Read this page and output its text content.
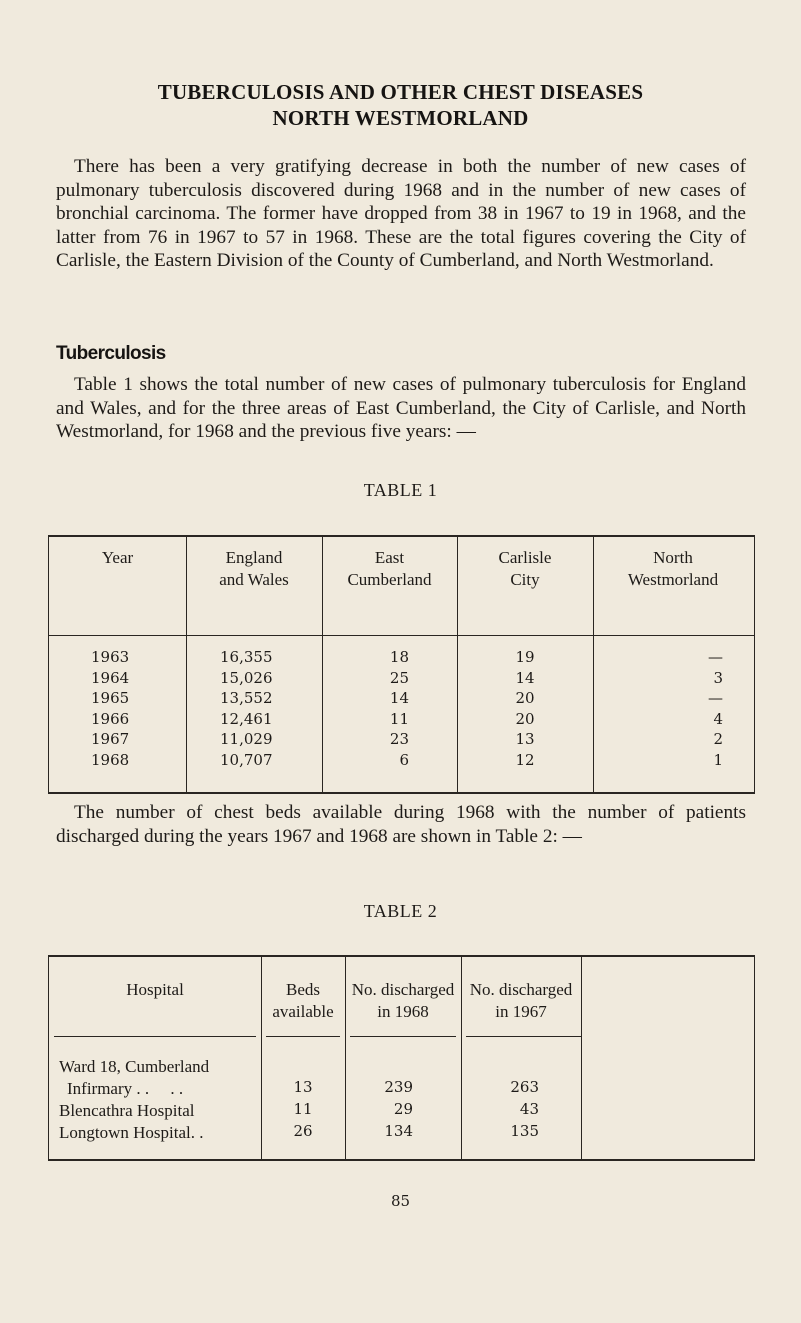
TUBERCULOSIS AND OTHER CHEST DISEASES
NORTH WESTMORLAND
There has been a very gratifying decrease in both the number of new cases of pulmonary tuberculosis discovered during 1968 and in the number of new cases of bronchial carcinoma. The former have dropped from 38 in 1967 to 19 in 1968, and the latter from 76 in 1967 to 57 in 1968. These are the total figures covering the City of Carlisle, the Eastern Division of the County of Cumberland, and North Westmorland.
Tuberculosis
Table 1 shows the total number of new cases of pulmonary tuberculosis for England and Wales, and for the three areas of East Cumberland, the City of Carlisle, and North Westmorland, for 1968 and the previous five years: —
TABLE 1
Year
1963
1964
1965
1966
1967
1968
England
and Wales
16,355
15,026
13,552
12,461
11,029
10,707
East
Cumberland
18
25
14
11
23
6
Carlisle
City
19
14
20
20
13
12
North
Westmorland
—
3
—
4
2
1
The number of chest beds available during 1968 with the number of patients discharged during the years 1967 and 1968 are shown in Table 2: —
TABLE 2
Hospital
Ward 18, Cumberland
Infirmary . .     . .
Blencathra Hospital
Longtown Hospital. .
Beds
available
13
11
26
No. discharged
in 1968
239
29
134
No. discharged
in 1967
263
43
135
85
